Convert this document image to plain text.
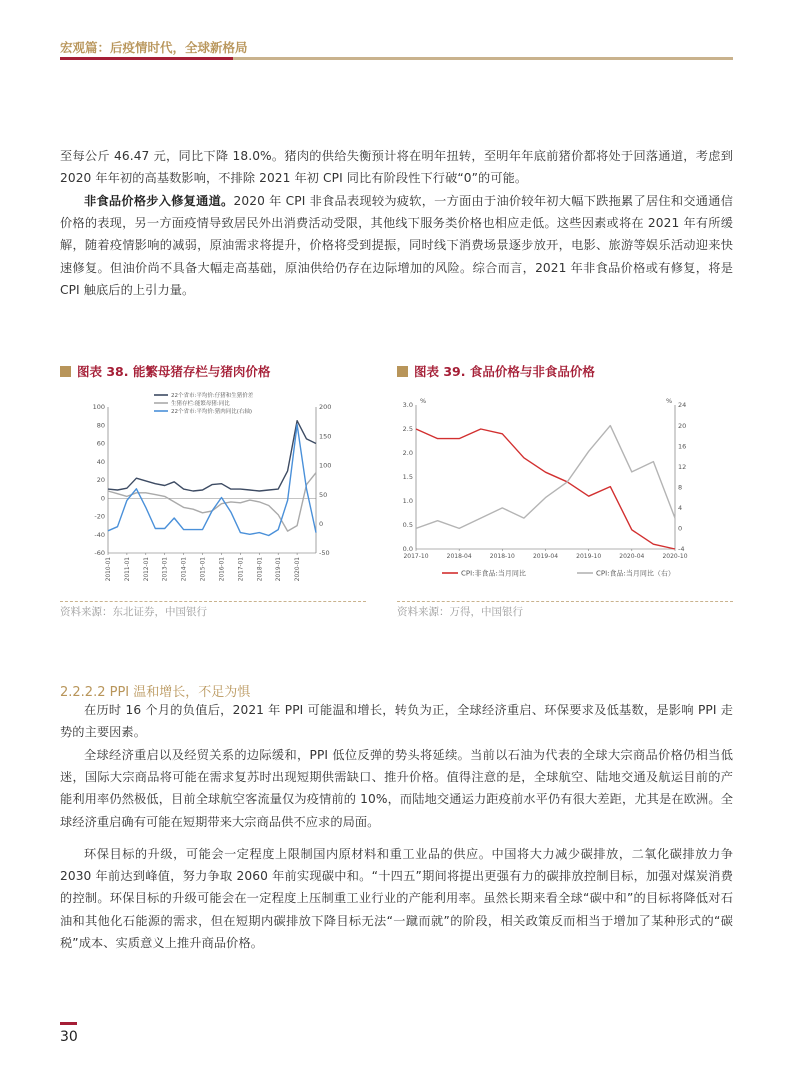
宏观篇：后疫情时代，全球新格局
至每公斤 46.47 元，同比下降 18.0%。猪肉的供给失衡预计将在明年扭转，至明年年底前猪价都将处于回落通道，考虑到 2020 年年初的高基数影响，不排除 2021 年初 CPI 同比有阶段性下行破“0”的可能。
非食品价格步入修复通道。2020 年 CPI 非食品表现较为疲软，一方面由于油价较年初大幅下跌拖累了居住和交通通信价格的表现，另一方面疫情导致居民外出消费活动受限，其他线下服务类价格也相应走低。这些因素或将在 2021 年有所缓解，随着疫情影响的减弱，原油需求将提升，价格将受到提振，同时线下消费场景逐步放开，电影、旅游等娱乐活动迎来快速修复。但油价尚不具备大幅走高基础，原油供给仍存在边际增加的风险。综合而言，2021 年非食品价格或有修复，将是 CPI 触底后的上引力量。
图表 38. 能繁母猪存栏与猪肉价格
100
80
60
40
20
0
-20
-40
-60
200
150
100
50
0
-50
2010-01 2011-01 2012-01 2013-01 2014-01 2015-01 2016-01 2017-01 2018-01 2019-01 2020-01
22个省市:平均价:仔猪和生猪价差
生猪存栏:能繁母猪:同比
22个省市:平均价:猪肉同比(右轴)
资料来源：东北证券，中国银行
图表 39. 食品价格与非食品价格
3.0
2.5
2.0
1.5
1.0
0.5
0.0
24
20
16
12
8
4
0
-4
%	%
2017-10	2018-04	2018-10	2019-04	2019-10	2020-04	2020-10
CPI:非食品:当月同比	CPI:食品:当月同比（右）
资料来源：万得，中国银行
2.2.2.2 PPI 温和增长，不足为惧
在历时 16 个月的负值后，2021 年 PPI 可能温和增长，转负为正，全球经济重启、环保要求及低基数，是影响 PPI 走势的主要因素。
全球经济重启以及经贸关系的边际缓和，PPI 低位反弹的势头将延续。当前以石油为代表的全球大宗商品价格仍相当低迷，国际大宗商品将可能在需求复苏时出现短期供需缺口、推升价格。值得注意的是，全球航空、陆地交通及航运目前的产能利用率仍然极低，目前全球航空客流量仅为疫情前的 10%，而陆地交通运力距疫前水平仍有很大差距，尤其是在欧洲。全球经济重启确有可能在短期带来大宗商品供不应求的局面。
环保目标的升级，可能会一定程度上限制国内原材料和重工业品的供应。中国将大力减少碳排放，二氧化碳排放力争 2030 年前达到峰值，努力争取 2060 年前实现碳中和。“十四五”期间将提出更强有力的碳排放控制目标，加强对煤炭消费的控制。环保目标的升级可能会在一定程度上压制重工业行业的产能利用率。虽然长期来看全球“碳中和”的目标将降低对石油和其他化石能源的需求，但在短期内碳排放下降目标无法“一蹴而就”的阶段，相关政策反而相当于增加了某种形式的“碳税”成本、实质意义上推升商品价格。
30
